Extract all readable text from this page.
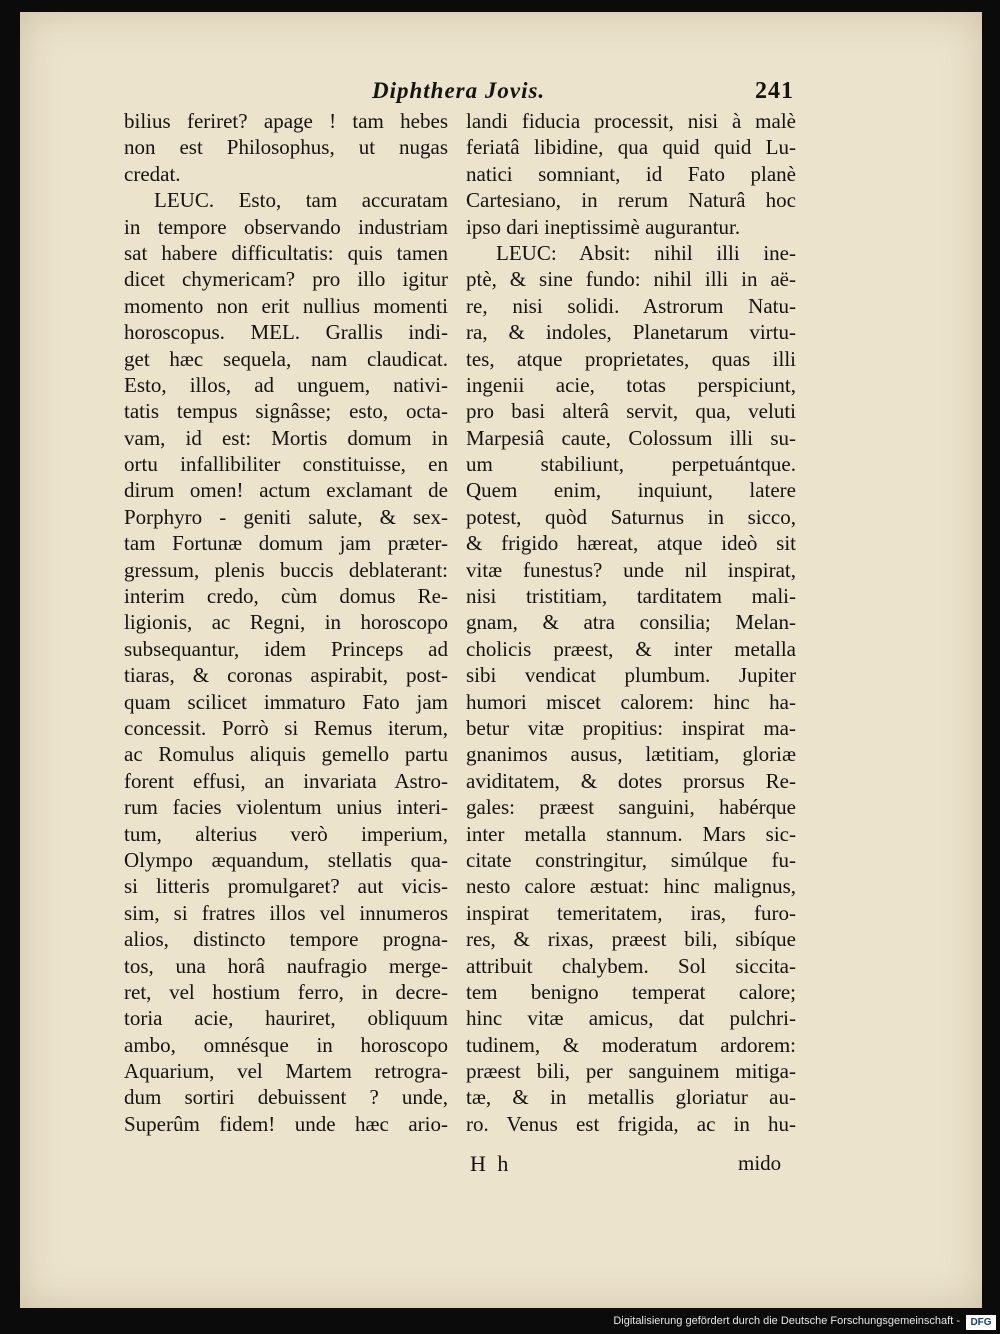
Diphthera Jovis.	241
bilius feriret? apage ! tam hebes
non est Philosophus, ut nugas
credat.
LEUC. Esto, tam accuratam
in tempore observando industriam
sat habere difficultatis: quis tamen
dicet chymericam? pro illo igitur
momento non erit nullius momenti
horoscopus. MEL. Grallis indi-
get hæc sequela, nam claudicat.
Esto, illos, ad unguem, nativi-
tatis tempus signâsse; esto, octa-
vam, id est: Mortis domum in
ortu infallibiliter constituisse, en
dirum omen! actum exclamant de
Porphyro - geniti salute, & sex-
tam Fortunæ domum jam præter-
gressum, plenis buccis deblaterant:
interim credo, cùm domus Re-
ligionis, ac Regni, in horoscopo
subsequantur, idem Princeps ad
tiaras, & coronas aspirabit, post-
quam scilicet immaturo Fato jam
concessit. Porrò si Remus iterum,
ac Romulus aliquis gemello partu
forent effusi, an invariata Astro-
rum facies violentum unius interi-
tum, alterius verò imperium,
Olympo æquandum, stellatis qua-
si litteris promulgaret? aut vicis-
sim, si fratres illos vel innumeros
alios, distincto tempore progna-
tos, una horâ naufragio merge-
ret, vel hostium ferro, in decre-
toria acie, hauriret, obliquum
ambo, omnésque in horoscopo
Aquarium, vel Martem retrogra-
dum sortiri debuissent ? unde,
Superûm fidem! unde hæc ario-
landi fiducia processit, nisi à malè
feriatâ libidine, qua quid quid Lu-
natici somniant, id Fato planè
Cartesiano, in rerum Naturâ hoc
ipso dari ineptissimè augurantur.
LEUC: Absit: nihil illi ine-
ptè, & sine fundo: nihil illi in aë-
re, nisi solidi. Astrorum Natu-
ra, & indoles, Planetarum virtu-
tes, atque proprietates, quas illi
ingenii acie, totas perspiciunt,
pro basi alterâ servit, qua, veluti
Marpesiâ caute, Colossum illi su-
um stabiliunt, perpetuántque.
Quem enim, inquiunt, latere
potest, quòd Saturnus in sicco,
& frigido hæreat, atque ideò sit
vitæ funestus? unde nil inspirat,
nisi tristitiam, tarditatem mali-
gnam, & atra consilia; Melan-
cholicis præest, & inter metalla
sibi vendicat plumbum. Jupiter
humori miscet calorem: hinc ha-
betur vitæ propitius: inspirat ma-
gnanimos ausus, lætitiam, gloriæ
aviditatem, & dotes prorsus Re-
gales: præest sanguini, habérque
inter metalla stannum. Mars sic-
citate constringitur, simúlque fu-
nesto calore æstuat: hinc malignus,
inspirat temeritatem, iras, furo-
res, & rixas, præest bili, sibíque
attribuit chalybem. Sol siccita-
tem benigno temperat calore;
hinc vitæ amicus, dat pulchri-
tudinem, & moderatum ardorem:
præest bili, per sanguinem mitiga-
tæ, & in metallis gloriatur au-
ro. Venus est frigida, ac in hu-
H h	mido
Digitalisierung gefördert durch die Deutsche Forschungsgemeinschaft -	DFG
